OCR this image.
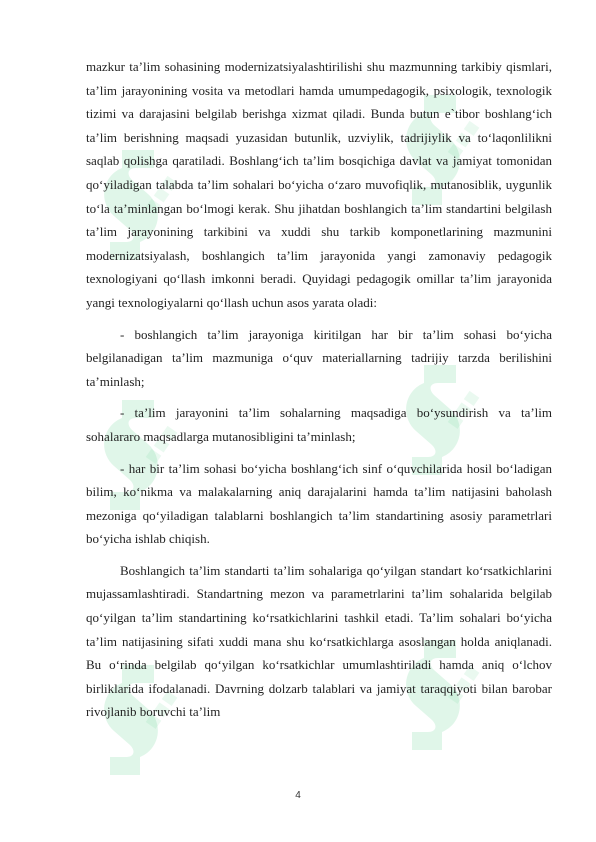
mazkur ta’lim sohasining modernizatsiyalashtirilishi shu mazmunning tarkibiy qismlari, ta’lim jarayonining vosita va metodlari hamda umumpedagogik, psixologik, texnologik tizimi va darajasini belgilab berishga xizmat qiladi. Bunda butun e`tibor boshlang‘ich ta’lim berishning maqsadi yuzasidan butunlik, uzviylik, tadrijiylik va to‘laqonlilikni saqlab qolishga qaratiladi. Boshlang‘ich ta’lim bosqichiga davlat va jamiyat tomonidan qo‘yiladigan talabda ta’lim sohalari bo‘yicha o‘zaro muvofiqlik, mutanosiblik, uygunlik to‘la ta’minlangan bo‘lmogi kerak. Shu jihatdan boshlangich ta’lim standartini belgilash ta’lim jarayonining tarkibini va xuddi shu tarkib komponetlarining mazmunini modernizatsiyalash, boshlangich ta’lim jarayonida yangi zamonaviy pedagogik texnologiyani qo‘llash imkonni beradi. Quyidagi pedagogik omillar ta’lim jarayonida yangi texnologiyalarni qo‘llash uchun asos yarata oladi:

- boshlangich ta’lim jarayoniga kiritilgan har bir ta’lim sohasi bo‘yicha belgilanadigan ta’lim mazmuniga o‘quv materiallarning tadrijiy tarzda berilishini ta’minlash;

- ta’lim jarayonini ta’lim sohalarning maqsadiga bo‘ysundirish va ta’lim sohalararo maqsadlarga mutanosibligini ta’minlash;

- har bir ta’lim sohasi bo‘yicha boshlang‘ich sinf o‘quvchilarida hosil bo‘ladigan bilim, ko‘nikma va malakalarning aniq darajalarini hamda ta’lim natijasini baholash mezoniga qo‘yiladigan talablarni boshlangich ta’lim standartining asosiy parametrlari bo‘yicha ishlab chiqish.

Boshlangich ta’lim standarti ta’lim sohalariga qo‘yilgan standart ko‘rsatkichlarini mujassamlashtiradi. Standartning mezon va parametrlarini ta’lim sohalarida belgilab qo‘yilgan ta’lim standartining ko‘rsatkichlarini tashkil etadi. Ta’lim sohalari bo‘yicha ta’lim natijasining sifati xuddi mana shu ko‘rsatkichlarga asoslangan holda aniqlanadi. Bu o‘rinda belgilab qo‘yilgan ko‘rsatkichlar umumlashtiriladi hamda aniq o‘lchov birliklarida ifodalanadi. Davrning dolzarb talablari va jamiyat taraqqiyoti bilan barobar rivojlanib boruvchi ta’lim

4
